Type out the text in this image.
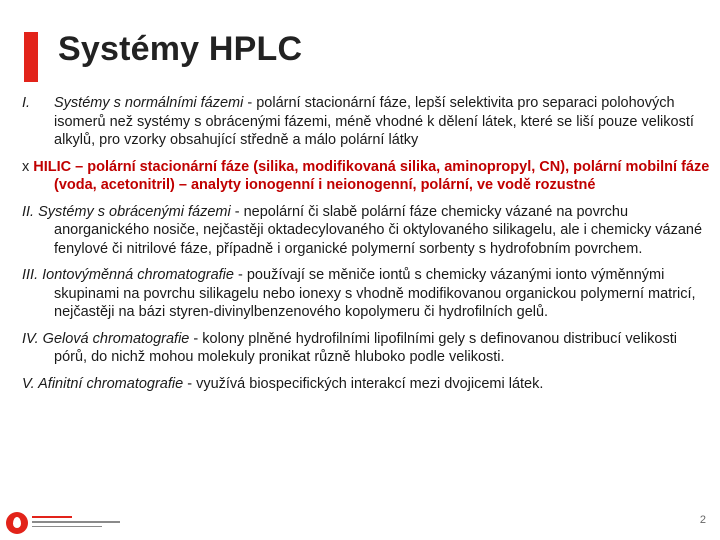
Systémy HPLC
I. Systémy s normálními fázemi - polární stacionární fáze, lepší selektivita pro separaci polohových isomerů než systémy s obrácenými fázemi, méně vhodné k dělení látek, které se liší pouze velikostí alkylů, pro vzorky obsahující středně a málo polární látky
x HILIC – polární stacionární fáze (silika, modifikovaná silika, aminopropyl, CN), polární mobilní fáze (voda, acetonitril) – analyty ionogenní i neionogenní, polární, ve vodě rozustné
II. Systémy s obrácenými fázemi - nepolární či slabě polární fáze chemicky vázané na povrchu anorganického nosiče, nejčastěji oktadecylovaného či oktylovaného silikagelu, ale i chemicky vázané fenylové či nitrilové fáze, případně i organické polymerní sorbenty s hydrofobním povrchem.
III. Iontovýměnná chromatografie - používají se měniče iontů s chemicky vázanými ionto výměnnými skupinami na povrchu silikagelu nebo ionexy s vhodně modifikovanou organickou polymerní matricí, nejčastěji na bázi styren-divinylbenzenového kopolymeru či hydrofilních gelů.
IV. Gelová chromatografie - kolony plněné hydrofilními lipofilními gely s definovanou distribucí velikosti pórů, do nichž mohou molekuly pronikat různě hluboko podle velikosti.
V. Afinitní chromatografie - využívá biospecifických interakcí mezi dvojicemi látek.
2
